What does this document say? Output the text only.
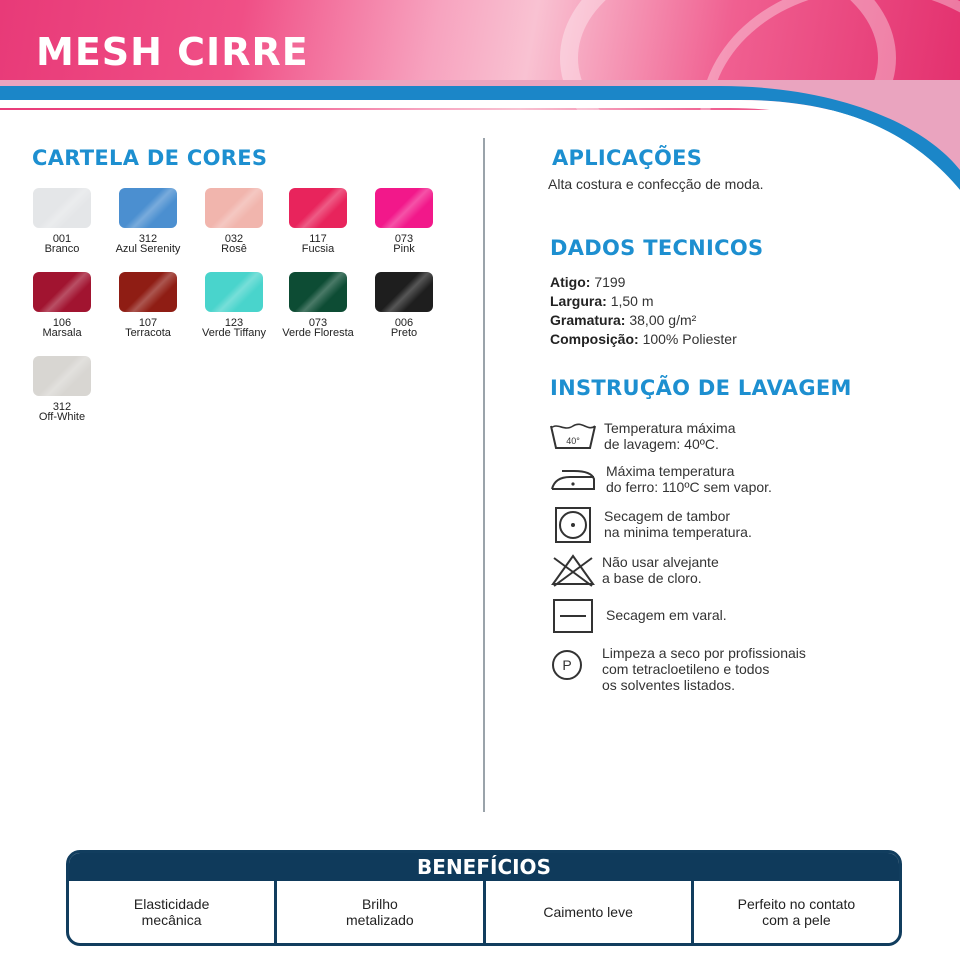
MESH CIRRE
CARTELA DE CORES
001
Branco
312
Azul Serenity
032
Rosê
117
Fucsia
073
Pink
106
Marsala
107
Terracota
123
Verde Tiffany
073
Verde Floresta
006
Preto
312
Off-White
APLICAÇÕES
Alta costura e confecção de moda.
DADOS TECNICOS
Atigo: 7199
Largura: 1,50 m
Gramatura: 38,00 g/m²
Composição: 100% Poliester
INSTRUÇÃO DE LAVAGEM
40°
P
Temperatura máxima
de lavagem: 40ºC.
Máxima temperatura
do ferro: 110ºC sem vapor.
Secagem de tambor
na minima temperatura.
Não usar alvejante
a base de cloro.
Secagem em varal.
Limpeza a seco por profissionais
com tetracloetileno e todos
os solventes listados.
BENEFÍCIOS
Elasticidade
mecânica
Brilho
metalizado	Caimento leve	Perfeito no contato
com a pele
